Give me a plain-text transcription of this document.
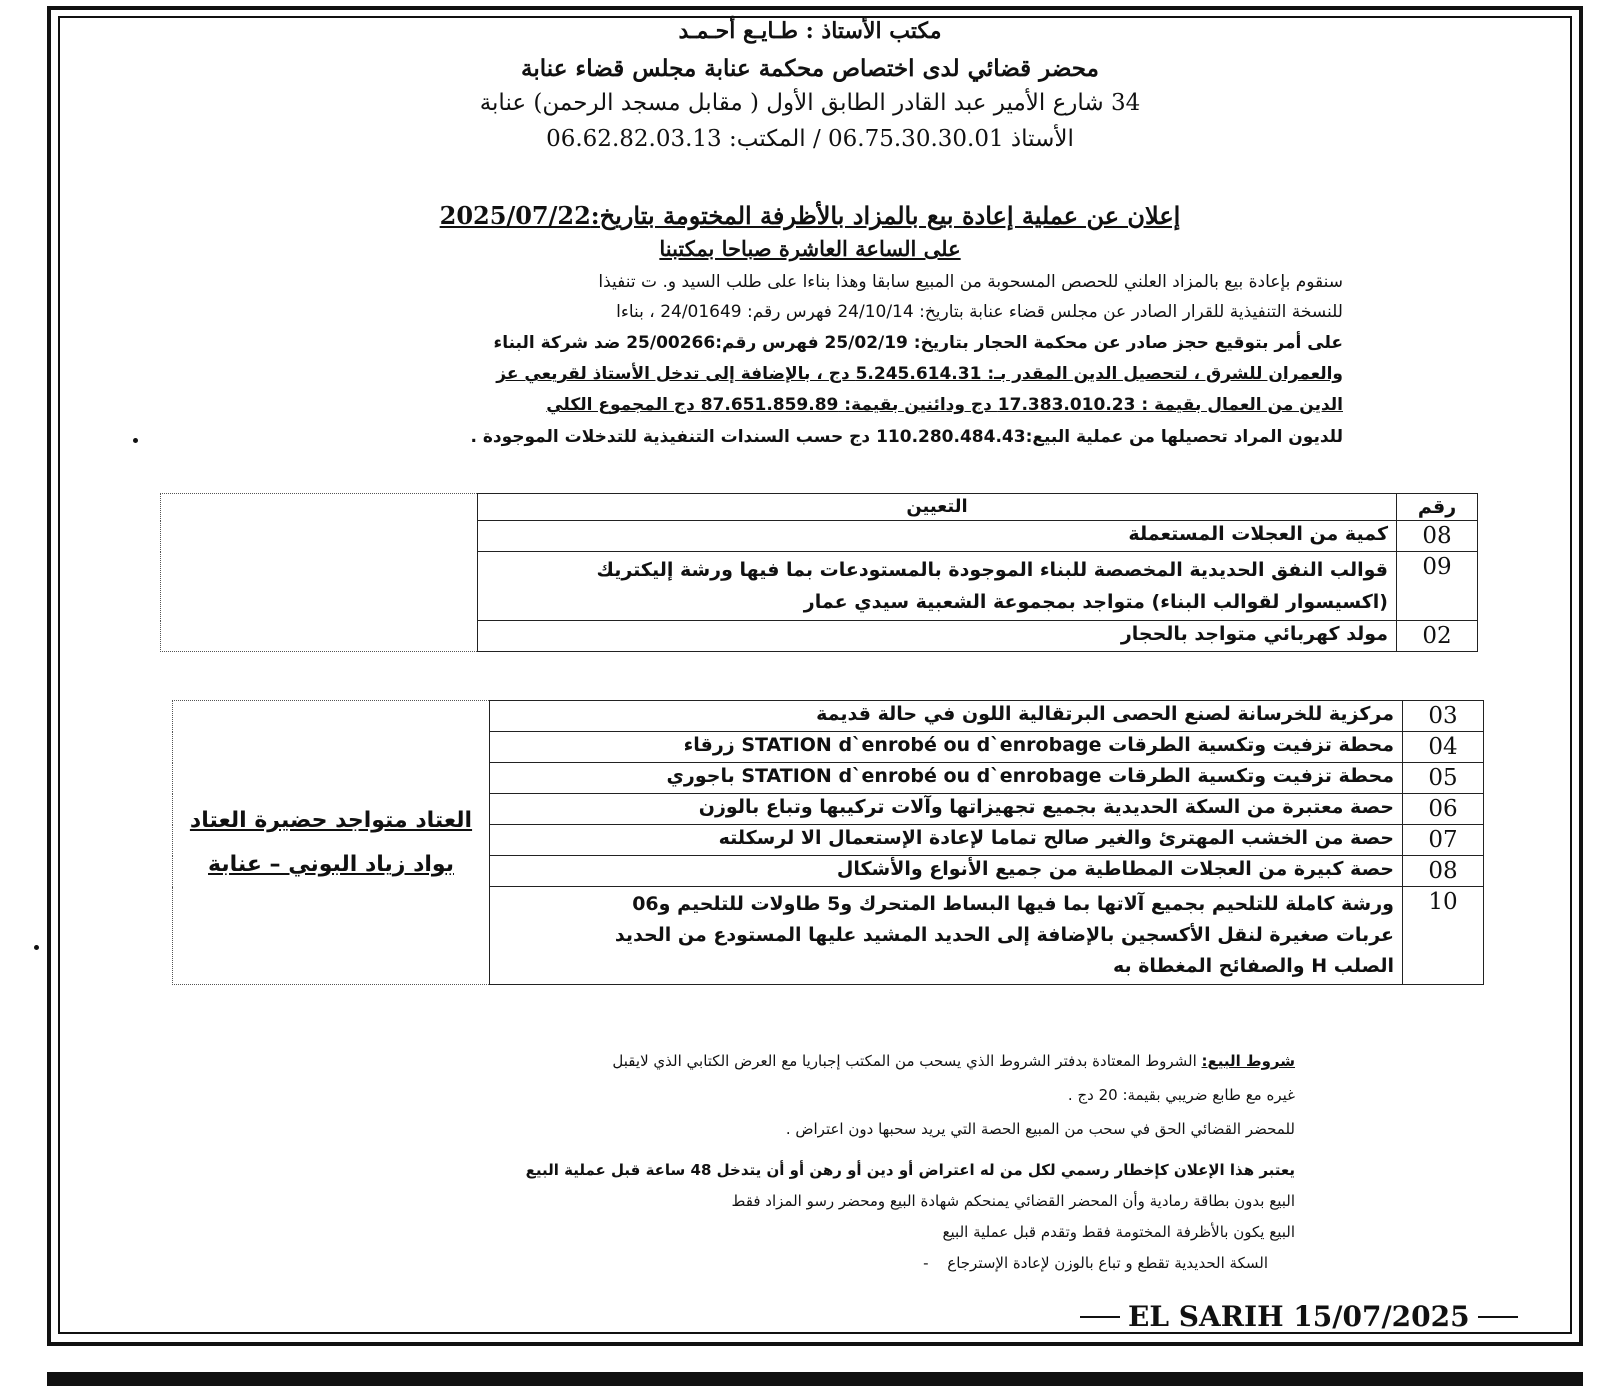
مكتب الأستاذ : طـايـع أحـمـد
محضر قضائي لدى اختصاص محكمة عنابة مجلس قضاء عنابة
34 شارع الأمير عبد القادر الطابق الأول ( مقابل مسجد الرحمن) عنابة
الأستاذ 06.75.30.30.01 / المكتب: 06.62.82.03.13
إعلان عن عملية إعادة بيع بالمزاد بالأظرفة المختومة بتاريخ:2025/07/22
على الساعة العاشرة صباحا بمكتبنا
سنقوم بإعادة بيع بالمزاد العلني للحصص المسحوبة من المبيع سابقا وهذا بناءا على طلب السيد و. ت تنفيذا
للنسخة التنفيذية للقرار الصادر عن مجلس قضاء عنابة بتاريخ: 24/10/14 فهرس رقم: 24/01649 ، بناءا
على أمر بتوقيع حجز صادر عن محكمة الحجار بتاريخ: 25/02/19 فهرس رقم:25/00266 ضد شركة البناء
والعمران للشرق ، لتحصيل الدين المقدر بـ: 5.245.614.31 دج ، بالإضافة إلى تدخل الأستاذ لقريعي عز
الدين من العمال بقيمة : 17.383.010.23 دج ودائنين بقيمة: 87.651.859.89 دج المجموع الكلي
للديون المراد تحصيلها من عملية البيع:110.280.484.43 دج حسب السندات التنفيذية للتدخلات الموجودة .
رقم	التعيين	
08	كمية من العجلات المستعملة	
09	قوالب النفق الحديدية المخصصة للبناء الموجودة بالمستودعات بما فيها ورشة إليكتريك
(اكسيسوار لقوالب البناء) متواجد بمجموعة الشعبية سيدي عمار	

02	مولد كهربائي متواجد بالحجار	
03	مركزية للخرسانة لصنع الحصى البرتقالية اللون في حالة قديمة	العتاد متواجد حضيرة العتاد بواد زياد البوني – عنابة

04	محطة تزفيت وتكسية الطرقات STATION d`enrobé ou d`enrobage زرقاء	
05	محطة تزفيت وتكسية الطرقات STATION d`enrobé ou d`enrobage باجوري	
06	حصة معتبرة من السكة الحديدية بجميع تجهيزاتها وآلات تركيبها وتباع بالوزن	
07	حصة من الخشب المهترئ والغير صالح تماما لإعادة الإستعمال الا لرسكلته	
08	حصة كبيرة من العجلات المطاطية من جميع الأنواع والأشكال	
10	ورشة كاملة للتلحيم بجميع آلاتها بما فيها البساط المتحرك و5 طاولات للتلحيم و06
عربات صغيرة لنقل الأكسجين بالإضافة إلى الحديد المشيد عليها المستودع من الحديد
الصلب H والصفائح المغطاة به	
شروط البيع: الشروط المعتادة بدفتر الشروط الذي يسحب من المكتب إجباريا مع العرض الكتابي الذي لايقبل
غيره مع طابع ضريبي بقيمة: 20 دج .
للمحضر القضائي الحق في سحب من المبيع الحصة التي يريد سحبها دون اعتراض .
يعتبر هذا الإعلان كإخطار رسمي لكل من له اعتراض أو دين أو رهن أو أن يتدخل 48 ساعة قبل عملية البيع
البيع بدون بطاقة رمادية وأن المحضر القضائي يمنحكم شهادة البيع ومحضر رسو المزاد فقط
البيع يكون بالأظرفة المختومة فقط وتقدم قبل عملية البيع
السكة الحديدية تقطع و تباع بالوزن لإعادة الإسترجاع -
EL SARIH 15/07/2025
